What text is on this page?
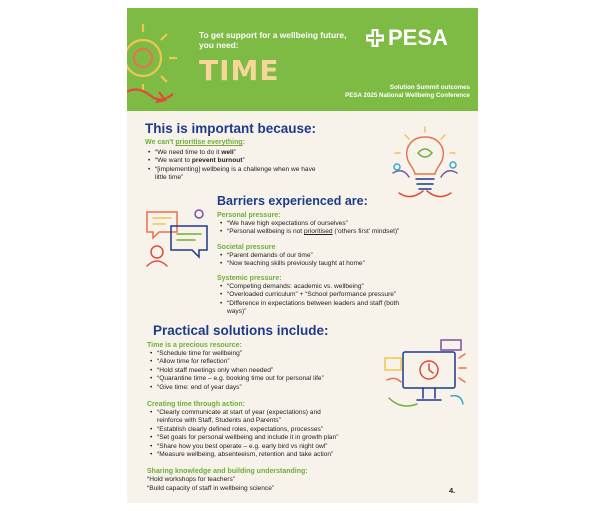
To get support for a wellbeing future, you need:
TIME
PESA
Solution Summit outcomes
PESA 2025 National Wellbeing Conference
This is important because:
We can't prioritise everything:
• “We need time to do it well”
• “We want to prevent burnout”
• “[implementing] wellbeing is a challenge when we have
little time”
Barriers experienced are:
Personal pressure:
• “We have high expectations of ourselves”
• “Personal wellbeing is not prioritised (‘others first’ mindset)”
Societal pressure
• “Parent demands of our time”
• “Now teaching skills previously taught at home”
Systemic pressure:
• “Competing demands: academic vs. wellbeing”
• “Overloaded curriculum” + “School performance pressure”
• “Difference in expectations between leaders and staff (both
ways)”
Practical solutions include:
Time is a precious resource:
• “Schedule time for wellbeing”
• “Allow time for reflection”
• “Hold staff meetings only when needed”
• “Quarantine time – e.g. booking time out for personal life”
• “Give time: end of year days”
Creating time through action:
• “Clearly communicate at start of year (expectations) and
reinforce with Staff, Students and Parents”
• “Establish clearly defined roles, expectations, processes”
• “Set goals for personal wellbeing and include it in growth plan”
• “Share how you best operate – e.g. early bird vs night owl”
• “Measure wellbeing, absenteeism, retention and take action”
Sharing knowledge and building understanding:
“Hold workshops for teachers”
“Build capacity of staff in wellbeing science”	4.
